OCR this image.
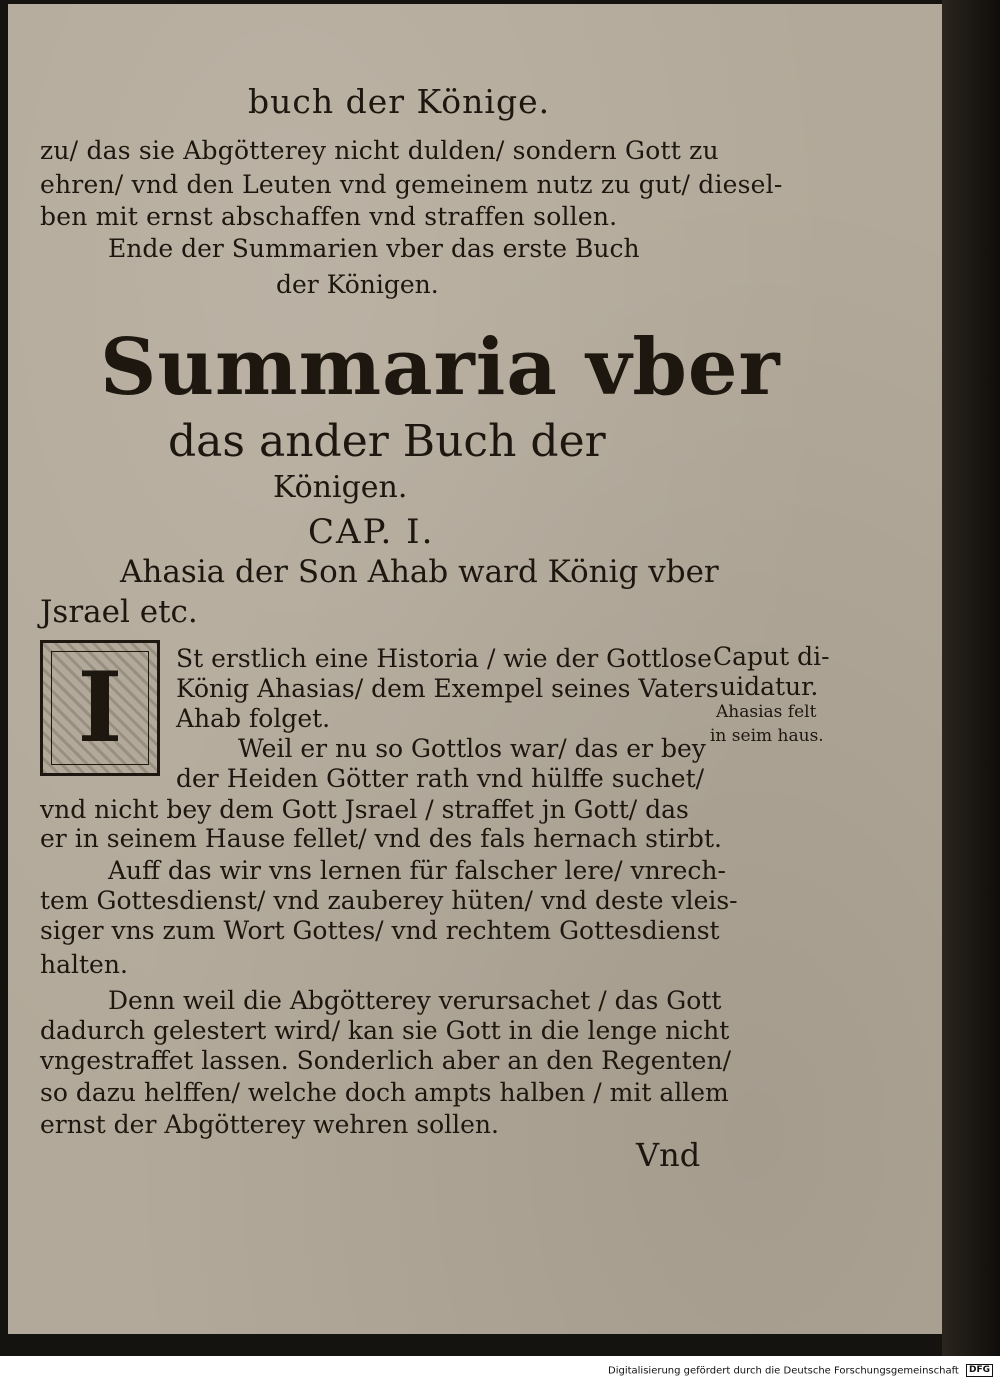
buch der Könige.
zu/ das sie Abgötterey nicht dulden/ sondern Gott zu
ehren/ vnd den Leuten vnd gemeinem nutz zu gut/ diesel-
ben mit ernst abschaffen vnd straffen sollen.
Ende der Summarien vber das erste Buch
der Königen.
Summaria vber
das ander Buch der
Königen.
CAP. I.
Ahasia der Son Ahab ward König vber
Jsrael etc.
I	St erstlich eine Historia / wie der Gottlose
König Ahasias/ dem Exempel seines Vaters
Ahab folget.
Weil er nu so Gottlos war/ das er bey
der Heiden Götter rath vnd hülffe suchet/
vnd nicht bey dem Gott Jsrael / straffet jn Gott/ das
er in seinem Hause fellet/ vnd des fals hernach stirbt.
Auff das wir vns lernen für falscher lere/ vnrech-
tem Gottesdienst/ vnd zauberey hüten/ vnd deste vleis-
siger vns zum Wort Gottes/ vnd rechtem Gottesdienst
halten.
Denn weil die Abgötterey verursachet / das Gott
dadurch gelestert wird/ kan sie Gott in die lenge nicht
vngestraffet lassen. Sonderlich aber an den Regenten/
so dazu helffen/ welche doch ampts halben / mit allem
ernst der Abgötterey wehren sollen.
Vnd
Caput di-
uidatur.
Ahasias felt
in seim haus.
Digitalisierung gefördert durch die Deutsche Forschungsgemeinschaft DFG
